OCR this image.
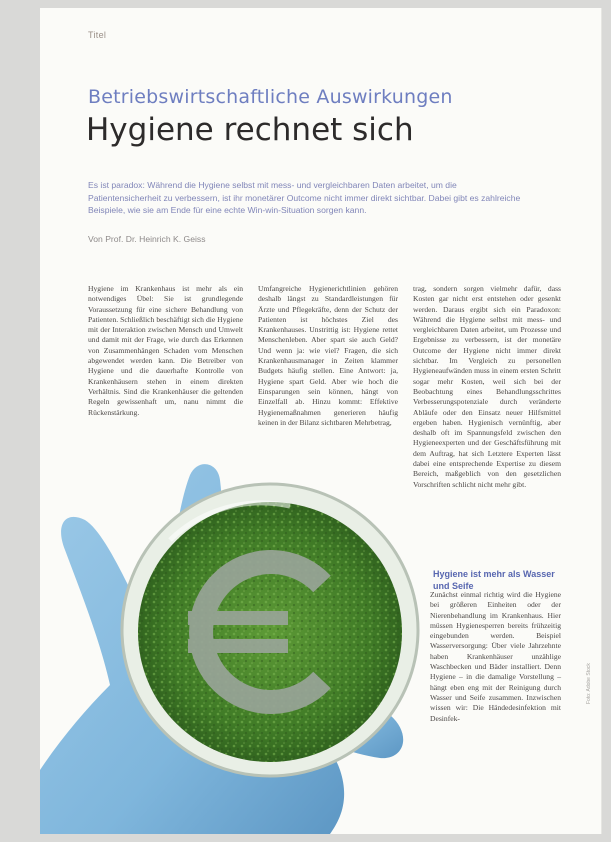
Titel
Betriebswirtschaftliche Auswirkungen
Hygiene rechnet sich
Es ist paradox: Während die Hygiene selbst mit mess- und vergleichbaren Daten arbeitet, um die Patientensicherheit zu verbessern, ist ihr monetärer Outcome nicht immer direkt sichtbar. Dabei gibt es zahlreiche Beispiele, wie sie am Ende für eine echte Win-win-Situation sorgen kann.
Von Prof. Dr. Heinrich K. Geiss

Hygiene im Krankenhaus ist mehr als ein notwendiges Übel: Sie ist grundlegende Voraussetzung für eine sichere Behandlung von Patienten. Schließlich beschäftigt sich die Hygiene mit der Interaktion zwischen Mensch und Umwelt und damit mit der Frage, wie durch das Erkennen von Zusammenhängen Schaden vom Menschen abgewendet werden kann. Die Betreiber von Hygiene und die dauerhafte Kontrolle von Krankenhäusern stehen in einem direkten Verhältnis. Sind die Krankenhäuser die geltenden Regeln gewissenhaft um, nanu nimmt die Rückenstärkung.

Umfangreiche Hygienerichtlinien gehören deshalb längst zu Standardleistungen für Ärzte und Pflegekräfte, denn der Schutz der Patienten ist höchstes Ziel des Krankenhauses. Unstrittig ist: Hygiene rettet Menschenleben. Aber spart sie auch Geld? Und wenn ja: wie viel? Fragen, die sich Krankenhausmanager in Zeiten klammer Budgets häufig stellen. Eine Antwort: ja, Hygiene spart Geld. Aber wie hoch die Einsparungen sein können, hängt von Einzelfall ab. Hinzu kommt: Effektive Hygienemaßnahmen generieren häufig keinen in der Bilanz sichtbaren Mehrbetrag,

trag, sondern sorgen vielmehr dafür, dass Kosten gar nicht erst entstehen oder gesenkt werden. Daraus ergibt sich ein Paradoxon: Während die Hygiene selbst mit mess- und vergleichbaren Daten arbeitet, um Prozesse und Ergebnisse zu verbessern, ist der monetäre Outcome der Hygiene nicht immer direkt sichtbar. Im Vergleich zu personellen Hygieneaufwänden muss in einem ersten Schritt sogar mehr Kosten, weil sich bei der Beobachtung eines Behandlungsschrittes Verbesserungspotenziale durch veränderte Abläufe oder den Einsatz neuer Hilfsmittel ergeben haben. Hygienisch vernünftig, aber deshalb oft im Spannungsfeld zwischen den Hygieneexperten und der Geschäftsführung mit dem Auftrag, hat sich Letztere Experten lässt dabei eine entsprechende Expertise zu diesem Bereich, maßgeblich von den gesetzlichen Vorschriften schlicht nicht mehr gibt.

Hygiene ist mehr als Wasser und Seife

Zunächst einmal richtig wird die Hygiene bei größeren Einheiten oder der Nierenbehandlung im Krankenhaus. Hier müssen Hygienesperren bereits frühzeitig eingebunden werden. Beispiel Wasserversorgung: Über viele Jahrzehnte haben Krankenhäuser unzählige Waschbecken und Bäder installiert. Denn Hygiene – in die damalige Vorstellung – hängt eben eng mit der Reinigung durch Wasser und Seife zusammen. Inzwischen wissen wir: Die Händedesinfektion mit Desinfek-

Foto: Adobe Stock
